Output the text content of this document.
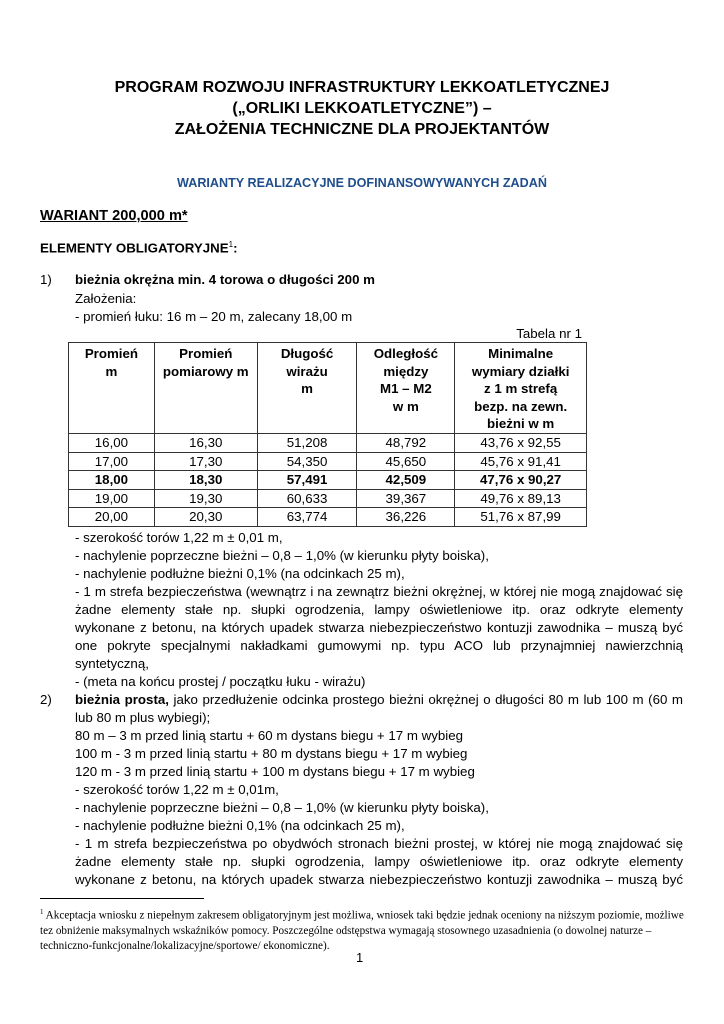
PROGRAM ROZWOJU INFRASTRUKTURY LEKKOATLETYCZNEJ
(„ORLIKI LEKKOATLETYCZNE”) –
ZAŁOŻENIA TECHNICZNE DLA PROJEKTANTÓW
WARIANTY REALIZACYJNE DOFINANSOWYWANYCH ZADAŃ
WARIANT 200,000 m*
ELEMENTY OBLIGATORYJNE$^1$:
1) bieżnia okrężna min. 4 torowa o długości 200 m
Założenia:
- promień łuku: 16 m – 20 m, zalecany 18,00 m
Tabela nr 1
Promień
m

Promień
pomiarowy m

Długość
wirażu
m

Odległość
między
M1 – M2
w m

Minimalne
wymiary działki
z 1 m strefą
bezp. na zewn.
bieżni w m

16,00	16,30	51,208	48,792	43,76 x 92,55
17,00	17,30	54,350	45,650	45,76 x 91,41
18,00	18,30	57,491	42,509	47,76 x 90,27
19,00	19,30	60,633	39,367	49,76 x 89,13
20,00	20,30	63,774	36,226	51,76 x 87,99
- szerokość torów 1,22 m ± 0,01 m,
- nachylenie poprzeczne bieżni – 0,8 – 1,0% (w kierunku płyty boiska),
- nachylenie podłużne bieżni 0,1% (na odcinkach 25 m),
- 1 m strefa bezpieczeństwa (wewnątrz i na zewnątrz bieżni okrężnej, w której nie mogą znajdować się
żadne elementy stałe np. słupki ogrodzenia, lampy oświetleniowe itp. oraz odkryte elementy
wykonane z betonu, na których upadek stwarza niebezpieczeństwo kontuzji zawodnika – muszą być
one pokryte specjalnymi nakładkami gumowymi np. typu ACO lub przynajmniej nawierzchnią
syntetyczną,
- (meta na końcu prostej / początku łuku - wirażu)
2) bieżnia prosta, jako przedłużenie odcinka prostego bieżni okrężnej o długości 80 m lub 100 m (60 m
lub 80 m plus wybiegi);
80 m – 3 m przed linią startu + 60 m dystans biegu + 17 m wybieg
100 m - 3 m przed linią startu + 80 m dystans biegu + 17 m wybieg
120 m - 3 m przed linią startu + 100 m dystans biegu + 17 m wybieg
- szerokość torów 1,22 m ± 0,01m,
- nachylenie poprzeczne bieżni – 0,8 – 1,0% (w kierunku płyty boiska),
- nachylenie podłużne bieżni 0,1% (na odcinkach 25 m),
- 1 m strefa bezpieczeństwa po obydwóch stronach bieżni prostej, w której nie mogą znajdować się
żadne elementy stałe np. słupki ogrodzenia, lampy oświetleniowe itp. oraz odkryte elementy
wykonane z betonu, na których upadek stwarza niebezpieczeństwo kontuzji zawodnika – muszą być
$^1$ Akceptacja wniosku z niepełnym zakresem obligatoryjnym jest możliwa, wniosek taki będzie jednak oceniony na niższym poziomie, możliwe tez obniżenie maksymalnych wskaźników pomocy. Poszczególne odstępstwa wymagają stosownego uzasadnienia (o dowolnej naturze – techniczno-funkcjonalne/lokalizacyjne/sportowe/ ekonomiczne).
1
